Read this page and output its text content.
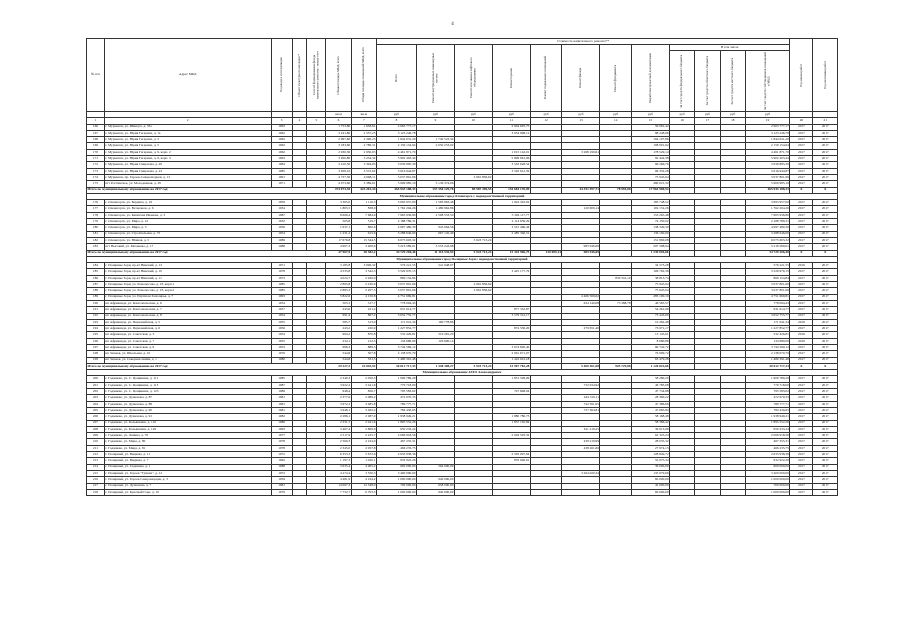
4
№ п/п	Адрес МКД	Год ввода в эксплуатацию	Объект культурного наследия *	Способ формирования фонда капитального ремонта - номер счет	Общая площадь МКД, всего	Общая площадь помещений МКД, всего	Стоимость капитального ремонта**												Год начала работ	Год окончания работ

							Всего	Ремонт внутридомовых инженерных систем	Ремонт или замена лифтового оборудования	Ремонт крыши	Ремонт подвальных помещений	Ремонт фасада	Ремонт фундамента	Разработка проектной документации	В том числе					

															За счет средств федерального бюджета	За счет средств областного бюджета	За счет средств местного бюджета	За счет средств собственников помещений в МКД		

					кв.м	кв.м	руб	руб	руб	руб	руб	руб	руб	руб	руб	руб	руб	руб		
1	2	3	4	5	6	7	8	9	10	11	12	13	14	15	16	17	18	19	20	21
166	г. Мурманск, ул. Шмидта, д. 33а	1963			1 753,80	1 658,61	2 663 777,17			2 604 695,75				59 081,42				2 663 777,17	2017	2017
167	г. Мурманск, ул. Юрия Гагарина, д. 1а	1962			3 241,80	2 557,25	3 123 246,78			3 034 998,12				88 248,66				3 123 246,78	2017	2017
168	г. Мурманск, ул. Юрия Гагарина, д. 3	1962			2 997,60	2 290,25	1 844 631,20	1 740 523,34						104 107,86				1 844 631,20	2017	2017
169	г. Мурманск, ул. Юрия Гагарина, д. 5	1962			3 183,60	2 786,31	2 159 154,64	2 050 253,02						108 901,62				2 159 154,64	2017	2017
170	г. Мурманск, ул. Юрия Гагарина, д. 9, корп. 2	1962			2 930,30	2 930,03	4 461 871,70			1 015 142,01		3 268 199,61		178 529,14				4 461 871,70	2017	2017
171	г. Мурманск, ул. Юрия Гагарина, д. 9, корп. 3	1963			3 200,80	3 234,32	5 902 403,44			5 809 961,06				92 442,38				5 902 403,44	2017	2017
172	г. Мурманск, ул. Юрия Смирнова, д. 20	1984			3 410,30	3 394,03	3 639 895,30			3 543 628,54				96 266,76				3 639 895,30	2017	2017
173	г. Мурманск, ул. Юрия Смирнова, д. 22	1985			3 658,10	3 572,62	3 616 944,87			3 520 612,59				96 332,28				3 616 944,87	2017	2017
174	г. Мурманск, пр. Героев-Североморцев, д. 13	1991			4 737,30	4 068,11	3 037 801,66		2 961 856,62					75 945,04				3 037 801,66	2017	2017
175	пгт Ростинское, ул. Молодежная, д. 39	1971			4 073,60	3 389,61	5 909 985,19	5 136 374,06						480 021,32				5 909 985,19	2017	2017
Итого по муниципальному образованию на 2017 год:					474 073,30	423 201,34	465 943 188,33	157 356 129,78	89 587 290,55	154 684 176,09		44 351 597,71	78 994,08	17 964 900,52				465 943 188,33	Х	Х
Муниципальное образование город Оленегорск с подведомственной территорией																				
176	г. Оленегорск, ул. Бардина, д. 16	1959			3 365,0	1 110,3	3 693 957,00	1 583 863,46		1 924 343,02				185 748,52				3 693 957,00	2017	2017
177	г. Оленегорск, ул. Ветеранов, д. 6	1934			1 865,5	838,0	1 762 204,26	1 480 962,86				120 009,14		102 152,26				1 762 204,26	2017	2017
178	г. Оленегорск, ул. Капитана Иванова, д. 3	1987			8 669,4	7 684,9	7 965 936,80	2 508 553,59		5 304 117,77				153 265,48				7 965 936,80	2017	2017
179	г. Оленегорск, ул. Мира, д. 12	1932			565,8	519,7	2 188 789,31			2 114 639,29				74 150,02				2 188 789,31	2017	2017
180	г. Оленегорск, ул. Мира, д. 3	1956			1 637,1	860,6	4 997 480,30	943 664,56		3 515 466,44				138 349,30				4 997 480,30	2017	2017
181	г. Оленегорск, ул. Строительная, д. 72	1954			1 231,2	615,6	3 288 646,00	667 145,49		2 485 340,51				136 160,00				3 288 646,00	2017	2017
182	г. Оленегорск, ул. Южная, д. 5	1989			17 676,8	15 344,5	6 075 603,32		5 923 713,24					151 890,08				6 075 603,32	2017	2017
183	пгт Высокий, ул. Мохнеева, д. 17	1988			4 967,3	3 408,6	5 216 589,61	3 553 243,98				985 946,69		297 398,94				5 216 589,61	2017	2017
Итого по муниципальному образованию на 2017 год:					37 967,9	30 382,2	34 729 206,40	11 116 535,94	5 923 713,24	15 343 906,75	120 009,14	985 946,69		1 239 094,60				34 729 206,40	Х	Х
Муниципальное образование город Полярные Зори с подведомственной территорией																				
184	г. Полярные Зори, пр-кт Нивский, д. 13	1971			3 185,8	3 006,32	576 221,55	541 648,07						34 573,28				576 221,55	2016	2017
185	г. Полярные Зори, пр-кт Нивский, д. 10	1978			4 533,8	3 342,3	3 529 970,15			3 425 177,79				106 792,36				3 529 970,15	2017	2017
186	г. Полярные Зори, пр-кт Нивский, д. 11	1973			4 024,7	2 920,9	869 154,84						830 341,10	38 813,74				869 154,84	2017	2017
187	г. Полярные Зори, ул. Ломоносова, д. 23, корп.1	1985			2 865,8	2 236,6	3 037 801,66		2 961 856,62					75 945,04				3 037 801,66	2017	2017
188	г. Полярные Зори, ул. Ломоносова, д. 23, корп.2	1985			2 883,3	2 207,5	3 037 801,66		2 961 856,62					75 945,04				3 037 801,66	2017	2017
189	г. Полярные Зори, ул. Партизан Заполярья, д. 7	1993			5 822,6	4 150,8	4 751 669,81					4 466 569,62		285 100,19				4 751 669,81	2017	2017
190	нп Африканда, ул. Комсомольская, д. 6	1954			503,3	317,7	778 094,43					634 140,08	75 388,78	46 565,57				778 094,43	2017	2017
191	нп Африканда, ул. Комсомольская, д. 7	1957			243,6	221,2	931 614,77			877 352,87				54 261,90				931 614,77	2017	2017
192	нп Африканда, ул. Комсомольская, д. 8	1954			991,4	867,2	3 652 755,77			3 579 312,17				73 443,60				3 652 755,77	2017	2017
193	нп Африканда, ул. Первомайская, д. 5	1955			585,7	513,9	171 041,34	160 778,86						10 262,48				171 041,34	2016	2017
194	нп Африканда, ул. Первомайская, д. 6	1956			243,2	220,9	1 227 852,77			874 530,20		279 651,40		73 671,17				1 227 852,77	2017	2017
195	нп Африканда, ул. Советская, д. 3	1954			994,2	870,8	532 426,81	519 281,20						13 145,61				532 426,81	2016	2017
196	нп Африканда, ул. Советская, д. 7	1955			234,1	212,3	134 680,00	126 600,14						8 080,86				134 680,00	2016	2017
197	нп Африканда, ул. Советская, д. 9	1953			996,3	889,3	3 744 569,12			3 674 826,40				69 742,72				3 744 569,12	2017	2017
198	нп Зашеек, ул. Школьная, д. 10	1976			544,8	507,8	2 138 670,79			2 061 671,07				76 999,72				2 138 670,79	2017	2017
199	нп Зашеек, ул. Северная линия, д. 1	1980			544,8	531,5	1 480 391,48			1 416 912,18				63 479,28				1 480 391,48	2017	2017
Итого по муниципальному образованию на 2017 год:					29 227,5	23 045,92	30 612 717,33	1 348 308,27	5 923 713,24	15 907 782,28		5 400 361,08	905 729,88	1 126 822,66				30 612 717,33	Х	Х
Муниципальное образование ЗАТО Александровск																				
200	г. Гаджиево, ул. С. Цощинина, д. 111	1985			2 349,3	2 056,3	1 909 789,29			1 851 509,09				58 280,20				1 909 789,29	2017	2017
201	г. Гаджиево, ул. С. Цощинина, д. 113	1987			3 922,2	3 441,6	779 718,00					732 934,92		46 783,08				779 718,00	2017	2017
202	г. Гаджиево, ул. С. Цощинина, д. 123	1989			948,4	856,7	795 583,02			747 848,04				47 734,98				795 583,02	2017	2017
203	г. Гаджиево, ул. Душенова, д. 87	1981			2 377,6	2 086,2	472 670,33					444 310,11		28 360,22				472 670,33	2017	2017
204	г. Гаджиево, ул. Душенова, д. 88	1981			3 972,2	3 485,8	789 777,71					742 391,05		47 386,66				789 777,71	2017	2017
205	г. Гаджиево, ул. Душенова, д. 90	1981			3 948,1	3 462,2	784 430,65					737 364,81		47 065,84				784 430,65	2017	2017
206	г. Гаджиево, ул. Душенова, д. 91	1982			2 286,1	2 087,9	1 938 949,21			1 880 780,73				58 168,48				1 938 949,21	2017	2017
207	г. Гаджиево, ул. Колышкина, д. 116	1986			2 331,7	2 041,6	1 895 552,26			1 837 165,84				58 386,42				1 895 552,26	2017	2017
208	г. Гаджиево, ул. Колышкина, д. 129	1993			3 467,4	2 869,0	650 233,24					611 219,25		39 013,99				650 233,24	2017	2017
209	г. Гаджиево, ул. Ленина, д. 76	1977			2 517,9	2 225,7	2 066 918,56			2 004 593,32				62 325,24				2 066 918,56	2017	2017
210	г. Гаджиево, ул. Мира, д. 80	1978			2 560,3	2 224,0	467 255,31					439 219,99		28 035,32				467 255,31	2017	2017
211	г. Гаджиево, ул. Мира, д. 81	1978			2 345,0	2 057,8	466 235,75					438 261,60		27 974,15				466 235,75	2017	2017
212	г. Полярный, ул. Видяева, д. 11	1972			6 353,3	5 672,6	2 633 938,36			2 505 097,64				128 840,72				2 633 938,36	2017	2017
213	г. Полярный, ул. Видяева, д. 7	1962			1 197,3	1 020,1	932 922,26			876 946,91				55 975,34				932 922,26	2017	2017
214	г. Полярный, ул. Гаджиева, д. 1	1988			5 635,4	4 965,2	600 000,00	564 000,00						36 000,00				600 000,00	2017	2017
215	г. Полярный, ул. Героев "Тумана", д. 12	1972			4 274,4	3 550,3	3 400 000,00					3 264 020,34		135 979,66				3 400 000,00	2017	2017
216	г. Полярный, ул. Героев Североморцев, д. 3	1959			4 481,9	4 164,2	1 000 000,00	940 000,00						60 000,00				1 000 000,00	2017	2017
217	г. Полярный, ул. Душенова, д. 7	1981			14 067,3	12 348,0	700 000,00	658 000,00						42 000,00				700 000,00	2017	2017
218	г. Полярный, ул. Красный Горн, д. 19	1979			7 732,7	6 703,5	1 000 000,00	940 000,00						60 000,00				1 000 000,00	2017	2017
